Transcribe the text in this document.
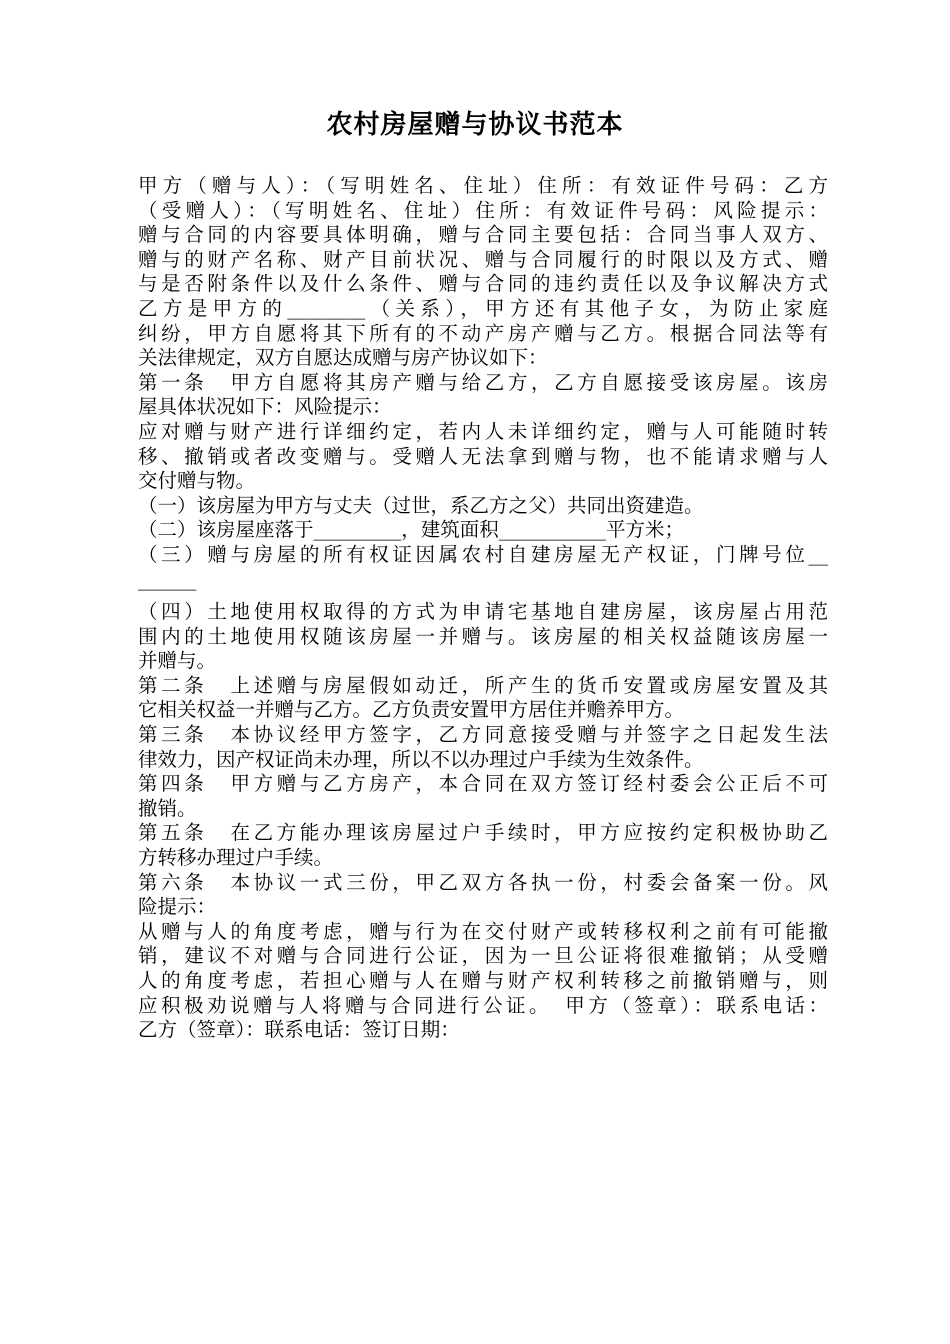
农村房屋赠与协议书范本
甲方（赠与人）：（写明姓名、住址）住所：有效证件号码：乙方
（受赠人）：（写明姓名、住址）住所：有效证件号码：风险提示：
赠与合同的内容要具体明确，赠与合同主要包括：合同当事人双方、
赠与的财产名称、财产目前状况、赠与合同履行的时限以及方式、赠
与是否附条件以及什么条件、赠与合同的违约责任以及争议解决方式
乙方是甲方的________（关系），甲方还有其他子女，为防止家庭
纠纷，甲方自愿将其下所有的不动产房产赠与乙方。根据合同法等有
关法律规定，双方自愿达成赠与房产协议如下：
第一条　甲方自愿将其房产赠与给乙方，乙方自愿接受该房屋。该房
屋具体状况如下：风险提示：
应对赠与财产进行详细约定，若内人未详细约定，赠与人可能随时转
移、撤销或者改变赠与。受赠人无法拿到赠与物，也不能请求赠与人
交付赠与物。
（一）该房屋为甲方与丈夫（过世，系乙方之父）共同出资建造。
（二）该房屋座落于_________，建筑面积___________平方米；
（三）赠与房屋的所有权证因属农村自建房屋无产权证，门牌号位__
______
（四）土地使用权取得的方式为申请宅基地自建房屋，该房屋占用范
围内的土地使用权随该房屋一并赠与。该房屋的相关权益随该房屋一
并赠与。
第二条　上述赠与房屋假如动迁，所产生的货币安置或房屋安置及其
它相关权益一并赠与乙方。乙方负责安置甲方居住并赡养甲方。
第三条　本协议经甲方签字，乙方同意接受赠与并签字之日起发生法
律效力，因产权证尚未办理，所以不以办理过户手续为生效条件。
第四条　甲方赠与乙方房产，本合同在双方签订经村委会公正后不可
撤销。
第五条　在乙方能办理该房屋过户手续时，甲方应按约定积极协助乙
方转移办理过户手续。
第六条　本协议一式三份，甲乙双方各执一份，村委会备案一份。风
险提示：
从赠与人的角度考虑，赠与行为在交付财产或转移权利之前有可能撤
销，建议不对赠与合同进行公证，因为一旦公证将很难撤销；从受赠
人的角度考虑，若担心赠与人在赠与财产权利转移之前撤销赠与，则
应积极劝说赠与人将赠与合同进行公证。　甲方（签章）：联系电话：
乙方（签章）：联系电话：签订日期：
